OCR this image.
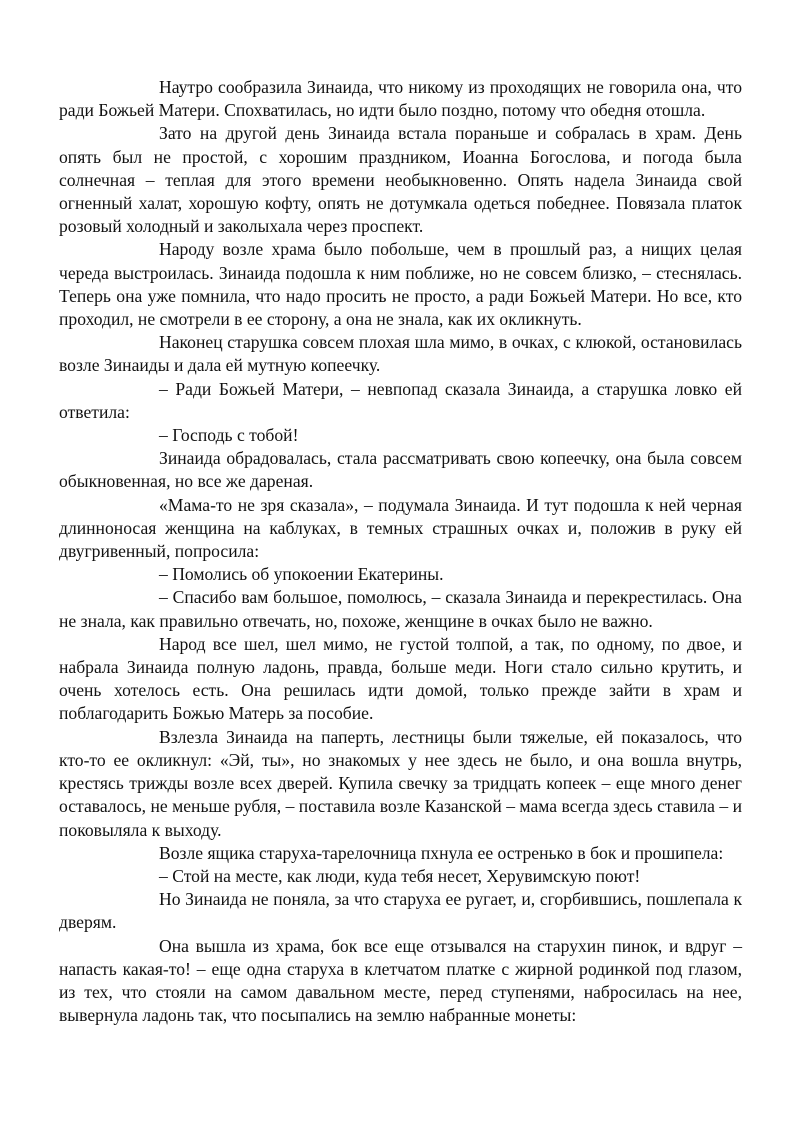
Наутро сообразила Зинаида, что никому из проходящих не говорила она, что ради Божьей Матери. Спохватилась, но идти было поздно, потому что обедня отошла.

Зато на другой день Зинаида встала пораньше и собралась в храм. День опять был не простой, с хорошим праздником, Иоанна Богослова, и погода была солнечная – теплая для этого времени необыкновенно. Опять надела Зинаида свой огненный халат, хорошую кофту, опять не дотумкала одеться победнее. Повязала платок розовый холодный и заколыхала через проспект.

Народу возле храма было побольше, чем в прошлый раз, а нищих целая череда выстроилась. Зинаида подошла к ним поближе, но не совсем близко, – стеснялась. Теперь она уже помнила, что надо просить не просто, а ради Божьей Матери. Но все, кто проходил, не смотрели в ее сторону, а она не знала, как их окликнуть.

Наконец старушка совсем плохая шла мимо, в очках, с клюкой, остановилась возле Зинаиды и дала ей мутную копеечку.

– Ради Божьей Матери, – невпопад сказала Зинаида, а старушка ловко ей ответила:

– Господь с тобой!

Зинаида обрадовалась, стала рассматривать свою копеечку, она была совсем обыкновенная, но все же дареная.

«Мама-то не зря сказала», – подумала Зинаида. И тут подошла к ней черная длинноносая женщина на каблуках, в темных страшных очках и, положив в руку ей двугривенный, попросила:

– Помолись об упокоении Екатерины.

– Спасибо вам большое, помолюсь, – сказала Зинаида и перекрестилась. Она не знала, как правильно отвечать, но, похоже, женщине в очках было не важно.

Народ все шел, шел мимо, не густой толпой, а так, по одному, по двое, и набрала Зинаида полную ладонь, правда, больше меди. Ноги стало сильно крутить, и очень хотелось есть. Она решилась идти домой, только прежде зайти в храм и поблагодарить Божью Матерь за пособие.

Взлезла Зинаида на паперть, лестницы были тяжелые, ей показалось, что кто-то ее окликнул: «Эй, ты», но знакомых у нее здесь не было, и она вошла внутрь, крестясь трижды возле всех дверей. Купила свечку за тридцать копеек – еще много денег оставалось, не меньше рубля, – поставила возле Казанской – мама всегда здесь ставила – и поковыляла к выходу.

Возле ящика старуха-тарелочница пхнула ее остренько в бок и прошипела:

– Стой на месте, как люди, куда тебя несет, Херувимскую поют!

Но Зинаида не поняла, за что старуха ее ругает, и, сгорбившись, пошлепала к дверям.

Она вышла из храма, бок все еще отзывался на старухин пинок, и вдруг – напасть какая-то! – еще одна старуха в клетчатом платке с жирной родинкой под глазом, из тех, что стояли на самом давальном месте, перед ступенями, набросилась на нее, вывернула ладонь так, что посыпались на землю набранные монеты:
